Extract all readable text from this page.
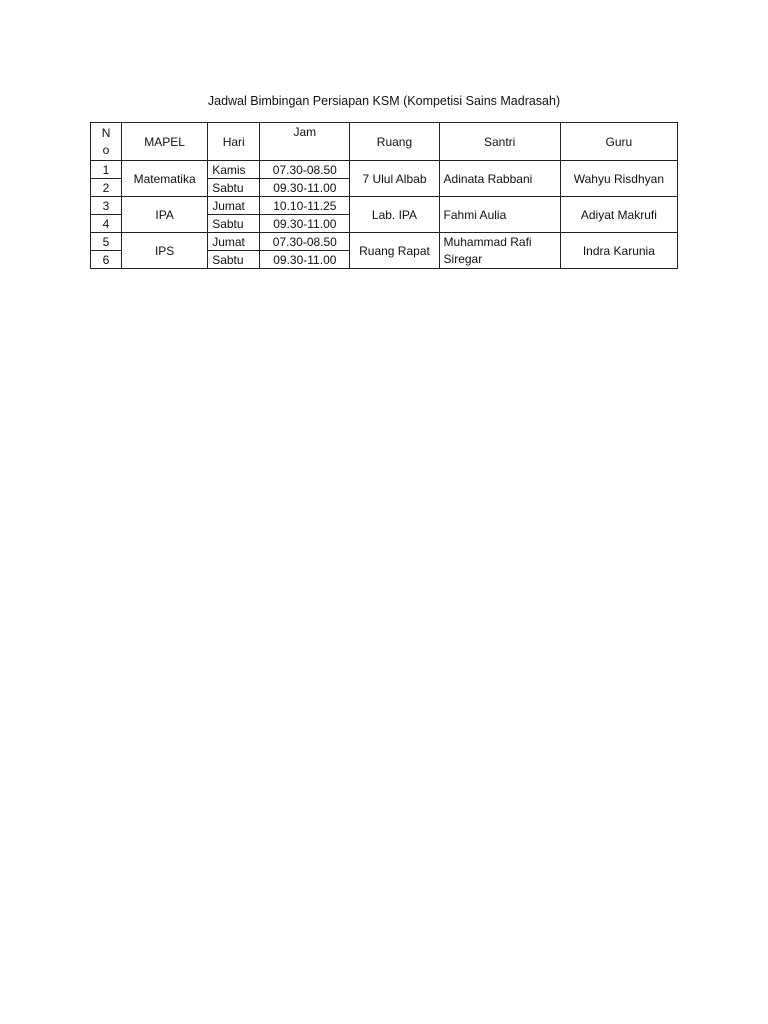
Jadwal Bimbingan Persiapan KSM (Kompetisi Sains Madrasah)
N
o	MAPEL	Hari	Jam	Ruang	Santri	Guru
1	Matematika	Kamis	07.30-08.50	7 Ulul Albab	Adinata Rabbani	Wahyu Risdhyan
2		Sabtu	09.30-11.00			
3	IPA	Jumat	10.10-11.25	Lab. IPA	Fahmi Aulia	Adiyat Makrufi
4		Sabtu	09.30-11.00			
5	IPS	Jumat	07.30-08.50	Ruang Rapat	Muhammad Rafi Siregar	Indra Karunia
6		Sabtu	09.30-11.00			
